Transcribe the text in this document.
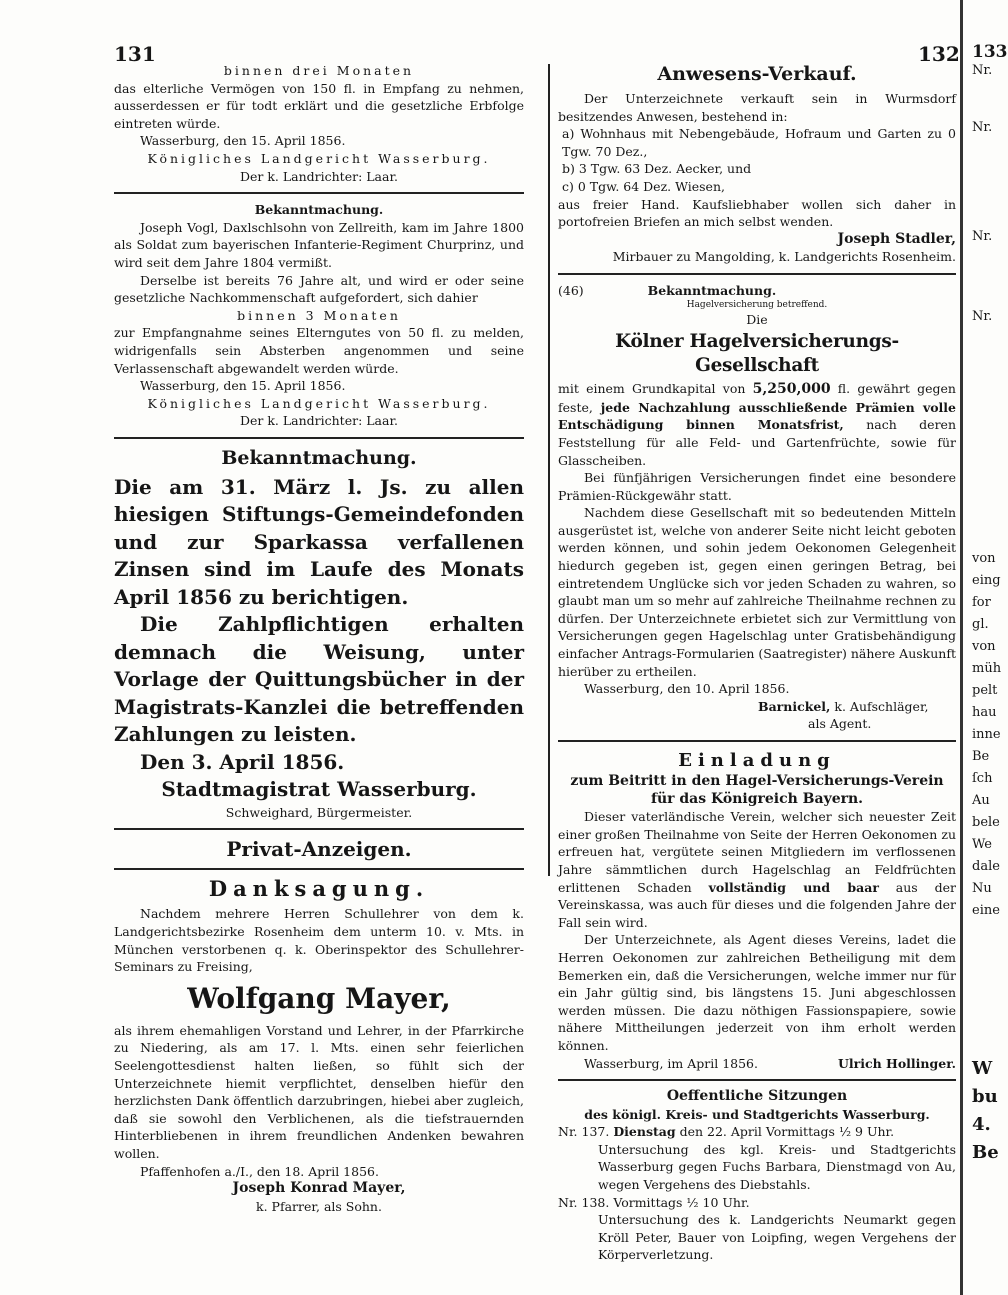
131	132

binnen drei Monaten

das elterliche Vermögen von 150 fl. in Empfang zu nehmen, ausserdessen er für todt erklärt und die gesetzliche Erbfolge eintreten würde.

Wasserburg, den 15. April 1856.

Königliches Landgericht Wasserburg.

Der k. Landrichter: Laar.

Bekanntmachung.

Joseph Vogl, Daxlschlsohn von Zellreith, kam im Jahre 1800 als Soldat zum bayerischen Infanterie-Regiment Churprinz, und wird seit dem Jahre 1804 vermißt.

Derselbe ist bereits 76 Jahre alt, und wird er oder seine gesetzliche Nachkommenschaft aufgefordert, sich dahier

binnen 3 Monaten

zur Empfangnahme seines Elterngutes von 50 fl. zu melden, widrigenfalls sein Absterben angenommen und seine Verlassenschaft abgewandelt werden würde.

Wasserburg, den 15. April 1856.

Königliches Landgericht Wasserburg.

Der k. Landrichter: Laar.

Bekanntmachung.

Die am 31. März l. Js. zu allen hiesigen Stiftungs-Gemeindefonden und zur Sparkassa verfallenen Zinsen sind im Laufe des Monats April 1856 zu berichtigen.

Die Zahlpflichtigen erhalten demnach die Weisung, unter Vorlage der Quittungsbücher in der Magistrats-Kanzlei die betreffenden Zahlungen zu leisten.

Den 3. April 1856.

Stadtmagistrat Wasserburg.

Schweighard, Bürgermeister.

Privat-Anzeigen.
Danksagung.

Nachdem mehrere Herren Schullehrer von dem k. Landgerichtsbezirke Rosenheim dem unterm 10. v. Mts. in München verstorbenen q. k. Oberinspektor des Schullehrer-Seminars zu Freising,

Wolfgang Mayer,

als ihrem ehemahligen Vorstand und Lehrer, in der Pfarrkirche zu Niedering, als am 17. l. Mts. einen sehr feierlichen Seelengottesdienst halten ließen, so fühlt sich der Unterzeichnete hiemit verpflichtet, denselben hiefür den herzlichsten Dank öffentlich darzubringen, hiebei aber zugleich, daß sie sowohl den Verblichenen, als die tiefstrauernden Hinterbliebenen in ihrem freundlichen Andenken bewahren wollen.

Pfaffenhofen a./I., den 18. April 1856.

Joseph Konrad Mayer,

k. Pfarrer, als Sohn.

Anwesens-Verkauf.

Der Unterzeichnete verkauft sein in Wurmsdorf besitzendes Anwesen, bestehend in:

a) Wohnhaus mit Nebengebäude, Hofraum und Garten zu 0 Tgw. 70 Dez.,

b) 3 Tgw. 63 Dez. Aecker, und

c) 0 Tgw. 64 Dez. Wiesen,

aus freier Hand. Kaufsliebhaber wollen sich daher in portofreien Briefen an mich selbst wenden.

Joseph Stadler,

Mirbauer zu Mangolding, k. Landgerichts Rosenheim.

(46)	Bekanntmachung.

Hagelversicherung betreffend.

Die

Kölner Hagelversicherungs-Gesellschaft

mit einem Grundkapital von 5,250,000 fl. gewährt gegen feste, jede Nachzahlung ausschließende Prämien volle Entschädigung binnen Monatsfrist, nach deren Feststellung für alle Feld- und Gartenfrüchte, sowie für Glasscheiben.

Bei fünfjährigen Versicherungen findet eine besondere Prämien-Rückgewähr statt.

Nachdem diese Gesellschaft mit so bedeutenden Mitteln ausgerüstet ist, welche von anderer Seite nicht leicht geboten werden können, und sohin jedem Oekonomen Gelegenheit hiedurch gegeben ist, gegen einen geringen Betrag, bei eintretendem Unglücke sich vor jeden Schaden zu wahren, so glaubt man um so mehr auf zahlreiche Theilnahme rechnen zu dürfen. Der Unterzeichnete erbietet sich zur Vermittlung von Versicherungen gegen Hagelschlag unter Gratisbehändigung einfacher Antrags-Formularien (Saatregister) nähere Auskunft hierüber zu ertheilen.

Wasserburg, den 10. April 1856.

Barnickel, k. Aufschläger,

als Agent.

Einladung

zum Beitritt in den Hagel-Versicherungs-Verein

für das Königreich Bayern.

Dieser vaterländische Verein, welcher sich neuester Zeit einer großen Theilnahme von Seite der Herren Oekonomen zu erfreuen hat, vergütete seinen Mitgliedern im verflossenen Jahre sämmtlichen durch Hagelschlag an Feldfrüchten erlittenen Schaden vollständig und baar aus der Vereinskassa, was auch für dieses und die folgenden Jahre der Fall sein wird.

Der Unterzeichnete, als Agent dieses Vereins, ladet die Herren Oekonomen zur zahlreichen Betheiligung mit dem Bemerken ein, daß die Versicherungen, welche immer nur für ein Jahr gültig sind, bis längstens 15. Juni abgeschlossen werden müssen. Die dazu nöthigen Fassionspapiere, sowie nähere Mittheilungen jederzeit von ihm erholt werden können.

Wasserburg, im April 1856.	Ulrich Hollinger.

Oeffentliche Sitzungen

des königl. Kreis- und Stadtgerichts Wasserburg.

Nr. 137. Dienstag den 22. April Vormittags ½ 9 Uhr.

Untersuchung des kgl. Kreis- und Stadtgerichts Wasserburg gegen Fuchs Barbara, Dienstmagd von Au, wegen Vergehens des Diebstahls.

Nr. 138. Vormittags ½ 10 Uhr.

Untersuchung des k. Landgerichts Neumarkt gegen Kröll Peter, Bauer von Loipfing, wegen Vergehens der Körperverletzung.

133
Nr.
Nr.
Nr.
Nr.
von
eing
for
gl.
von
müh
pelt
hau
inne
Be
ſch
Au
bele
We
dale
Nu
eine
W
bu
4.
Be
